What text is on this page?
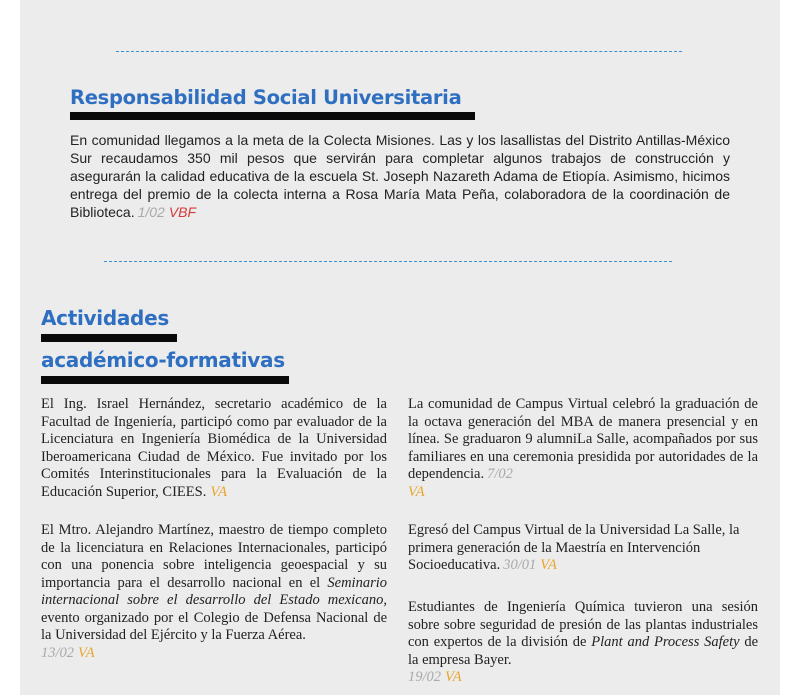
Responsabilidad Social Universitaria
En comunidad llegamos a la meta de la Colecta Misiones. Las y los lasallistas del Distrito Antillas-México Sur recaudamos 350 mil pesos que servirán para completar algunos trabajos de construcción y asegurarán la calidad educativa de la escuela St. Joseph Nazareth Adama de Etiopía. Asimismo, hicimos entrega del premio de la colecta interna a Rosa María Mata Peña, colaboradora de la coordinación de Biblioteca. 1/02 VBF
Actividades
académico-formativas
El Ing. Israel Hernández, secretario académico de la Facultad de Ingeniería, participó como par evaluador de la Licenciatura en Ingeniería Biomédica de la Universidad Iberoamericana Ciudad de México. Fue invitado por los Comités Interinstitucionales para la Evaluación de la Educación Superior, CIEES. VA
El Mtro. Alejandro Martínez, maestro de tiempo completo de la licenciatura en Relaciones Internacionales, participó con una ponencia sobre inteligencia geoespacial y su importancia para el desarrollo nacional en el Seminario internacional sobre el desarrollo del Estado mexicano, evento organizado por el Colegio de Defensa Nacional de la Universidad del Ejército y la Fuerza Aérea.
13/02 VA
La comunidad de Campus Virtual celebró la graduación de la octava generación del MBA de manera presencial y en línea. Se graduaron 9 alumniLa Salle, acompañados por sus familiares en una ceremonia presidida por autoridades de la dependencia. 7/02
VA
Egresó del Campus Virtual de la Universidad La Salle, la primera generación de la Maestría en Intervención Socioeducativa. 30/01 VA
Estudiantes de Ingeniería Química tuvieron una sesión sobre sobre seguridad de presión de las plantas industriales con expertos de la división de Plant and Process Safety de la empresa Bayer.
19/02 VA
